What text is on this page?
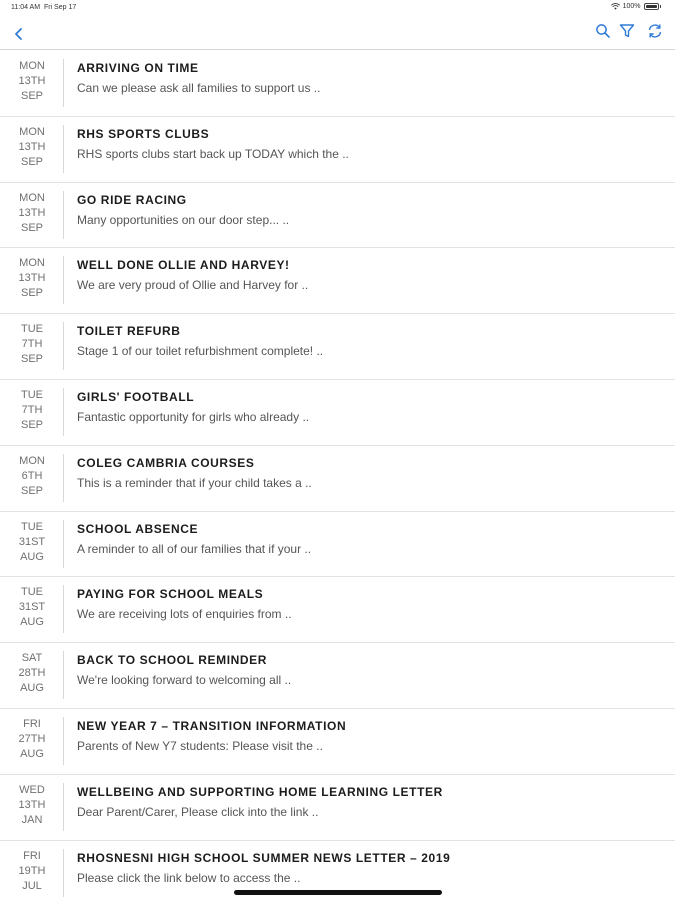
11:04 AM Fri Sep 17	100%
MON
13TH
SEP
ARRIVING ON TIME
Can we please ask all families to support us ..
MON
13TH
SEP
RHS SPORTS CLUBS
RHS sports clubs start back up TODAY which the ..
MON
13TH
SEP
GO RIDE RACING
Many opportunities on our door step... ..
MON
13TH
SEP
WELL DONE OLLIE AND HARVEY!
We are very proud of Ollie and Harvey for ..
TUE
7TH
SEP
TOILET REFURB
Stage 1 of our toilet refurbishment complete! ..
TUE
7TH
SEP
GIRLS' FOOTBALL
Fantastic opportunity for girls who already ..
MON
6TH
SEP
COLEG CAMBRIA COURSES
This is a reminder that if your child takes a ..
TUE
31ST
AUG
SCHOOL ABSENCE
A reminder to all of our families that if your ..
TUE
31ST
AUG
PAYING FOR SCHOOL MEALS
We are receiving lots of enquiries from ..
SAT
28TH
AUG
BACK TO SCHOOL REMINDER
We're looking forward to welcoming all ..
FRI
27TH
AUG
NEW YEAR 7 – TRANSITION INFORMATION
Parents of New Y7 students: Please visit the ..
WED
13TH
JAN
WELLBEING AND SUPPORTING HOME LEARNING LETTER
Dear Parent/Carer, Please click into the link ..
FRI
19TH
JUL
RHOSNESNI HIGH SCHOOL SUMMER NEWS LETTER – 2019
Please click the link below to access the ..
